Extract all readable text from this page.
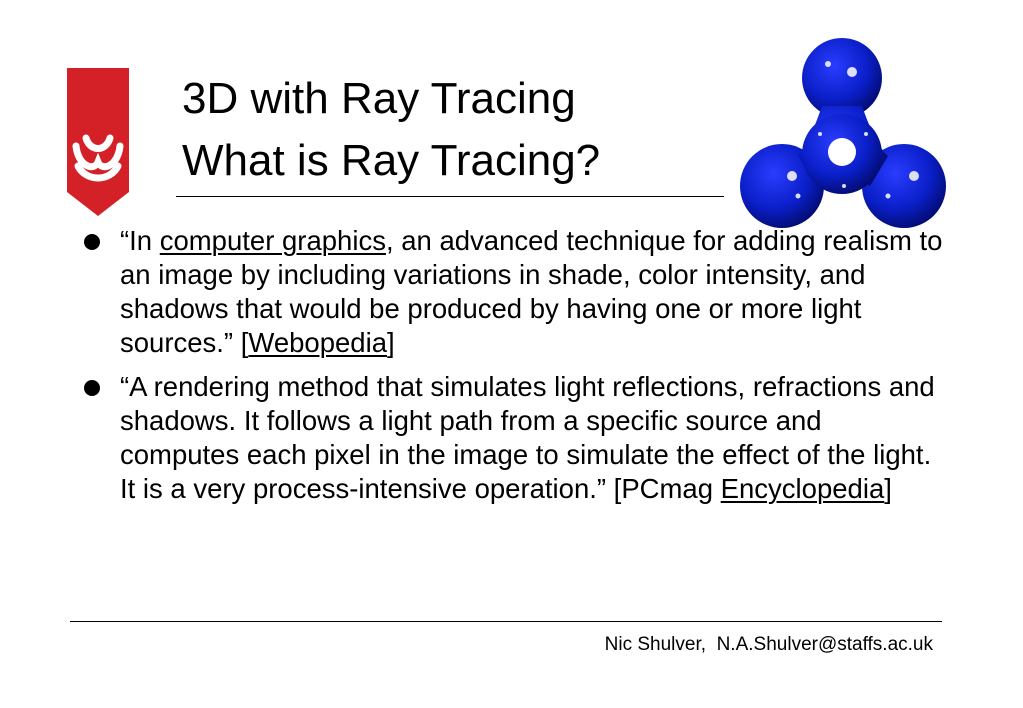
3D with Ray Tracing
What is Ray Tracing?
“In computer graphics, an advanced technique for adding realism to an image by including variations in shade, color intensity, and shadows that would be produced by having one or more light sources.” [Webopedia]
“A rendering method that simulates light reflections, refractions and shadows. It follows a light path from a specific source and computes each pixel in the image to simulate the effect of the light. It is a very process-intensive operation.” [PCmag Encyclopedia]
Nic Shulver,  N.A.Shulver@staffs.ac.uk
